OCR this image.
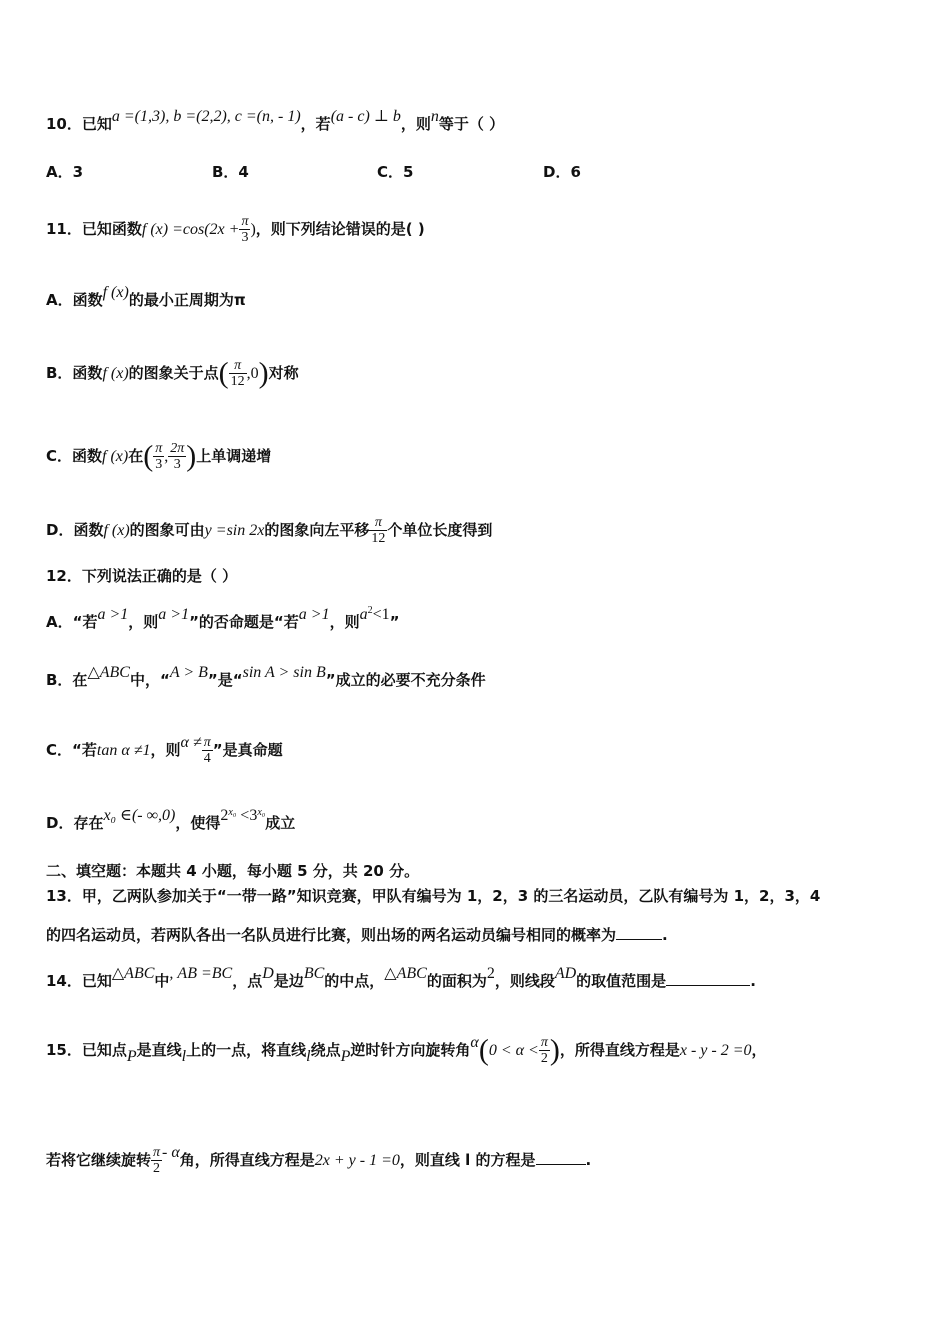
10．已知a =(1,3), b =(2,2), c =(n, - 1)，若(a - c) ⊥ b，则n等于（ ）
A．3	B．4	C．5	D．6
11．已知函数f $(x) =\cos(2x + \frac{\pi}{3}$ )，则下列结论错误的是( )
A．函数f (x)的最小正周期为π
B．函数f (x)的图象关于点( $\frac{\pi}{12} ,0$)对称
C．函数f (x)在( $\frac{\pi}{3}$ , $\frac{2\pi}{3}$ )上单调递增
D．函数f (x)的图象可由y =sin 2x的图象向左平移 $\frac{\pi}{12}$ 个单位长度得到
12．下列说法正确的是（ ）
A．“若a >1，则a >1”的否命题是“若a >1，则$a^2<1$”
B．在△ABC中，“A > B”是“sin A > sin B”成立的必要不充分条件
C．“若tan α ≠1，则$\alpha \ne \frac{\pi}{4}$ ”是真命题
D．存在x₀ ∈(- ∞,0)，使得$2^{x_0} <3^{x_0}$成立
二、填空题：本题共 4 小题，每小题 5 分，共 20 分。
13．甲，乙两队参加关于“一带一路”知识竞赛，甲队有编号为 1，2，3 的三名运动员，乙队有编号为 1，2，3，4
的四名运动员，若两队各出一名队员进行比赛，则出场的两名运动员编号相同的概率为	.
14．已知△ABC中, AB =BC，点D是边BC的中点，△ABC的面积为2，则线段AD的取值范围是	.
15．已知点P是直线l上的一点，将直线l绕点P逆时针方向旋转角$\alpha(0 < \alpha < \frac{\pi}{2}$ )，所得直线方程是x - y - 2 =0，
若将它继续旋转 $\frac{\pi}{2}$ - α角，所得直线方程是2x + y - 1 =0，则直线 l 的方程是	.
